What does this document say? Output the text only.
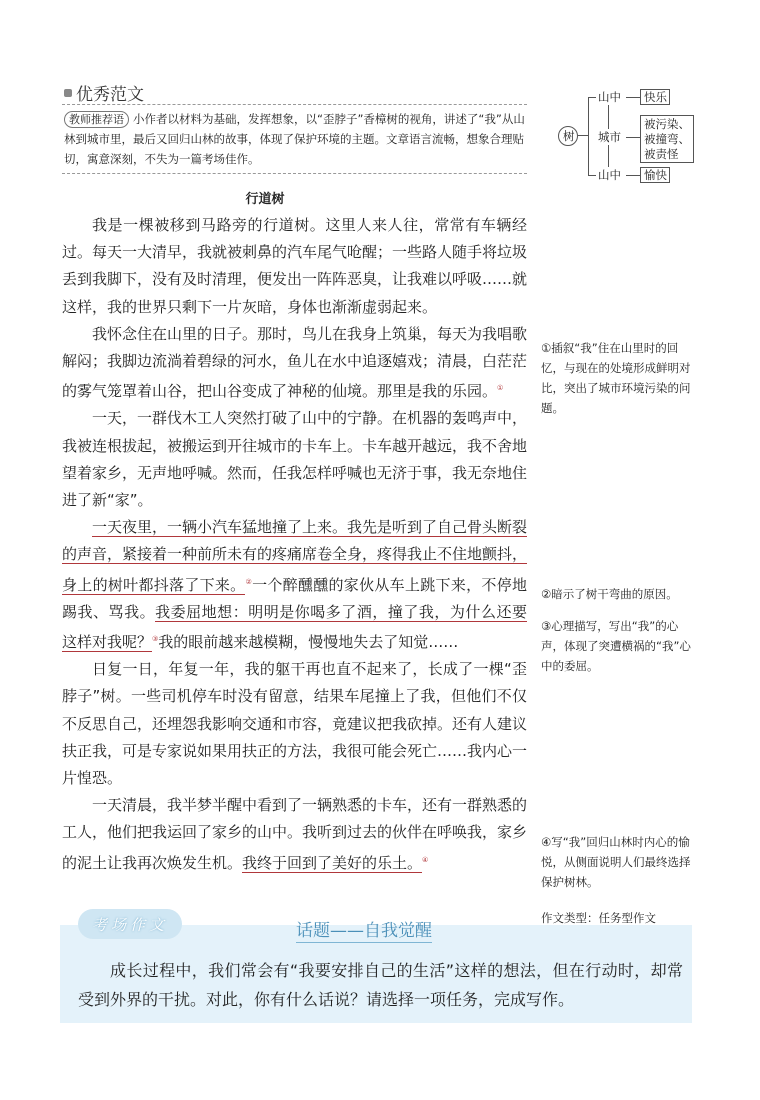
优秀范文

教师推荐语 小作者以材料为基础，发挥想象，以“歪脖子”香樟树的视角，讲述了“我”从山林到城市里，最后又回归山林的故事，体现了保护环境的主题。文章语言流畅，想象合理贴切，寓意深刻，不失为一篇考场佳作。

树
山中
城市
山中
快乐
被污染、
被撞弯、
被责怪
愉快
行道树

我是一棵被移到马路旁的行道树。这里人来人往，常常有车辆经过。每天一大清早，我就被刺鼻的汽车尾气呛醒；一些路人随手将垃圾丢到我脚下，没有及时清理，便发出一阵阵恶臭，让我难以呼吸……就这样，我的世界只剩下一片灰暗，身体也渐渐虚弱起来。

我怀念住在山里的日子。那时，鸟儿在我身上筑巢，每天为我唱歌解闷；我脚边流淌着碧绿的河水，鱼儿在水中追逐嬉戏；清晨，白茫茫的雾气笼罩着山谷，把山谷变成了神秘的仙境。那里是我的乐园。①

一天，一群伐木工人突然打破了山中的宁静。在机器的轰鸣声中，我被连根拔起，被搬运到开往城市的卡车上。卡车越开越远，我不舍地望着家乡，无声地呼喊。然而，任我怎样呼喊也无济于事，我无奈地住进了新“家”。

一天夜里，一辆小汽车猛地撞了上来。我先是听到了自己骨头断裂的声音，紧接着一种前所未有的疼痛席卷全身，疼得我止不住地颤抖，身上的树叶都抖落了下来。②一个醉醺醺的家伙从车上跳下来，不停地踢我、骂我。我委屈地想：明明是你喝多了酒，撞了我，为什么还要这样对我呢？③我的眼前越来越模糊，慢慢地失去了知觉……

日复一日，年复一年，我的躯干再也直不起来了，长成了一棵“歪脖子”树。一些司机停车时没有留意，结果车尾撞上了我，但他们不仅不反思自己，还埋怨我影响交通和市容，竟建议把我砍掉。还有人建议扶正我，可是专家说如果用扶正的方法，我很可能会死亡……我内心一片惶恐。

一天清晨，我半梦半醒中看到了一辆熟悉的卡车，还有一群熟悉的工人，他们把我运回了家乡的山中。我听到过去的伙伴在呼唤我，家乡的泥土让我再次焕发生机。我终于回到了美好的乐土。④

①插叙“我”住在山里时的回忆，与现在的处境形成鲜明对比，突出了城市环境污染的问题。
②暗示了树干弯曲的原因。
③心理描写，写出“我”的心声，体现了突遭横祸的“我”心中的委屈。
④写“我”回归山林时内心的愉悦，从侧面说明人们最终选择保护树林。
作文类型：任务型作文
考场作文	话题——自我觉醒

成长过程中，我们常会有“我要安排自己的生活”这样的想法，但在行动时，却常受到外界的干扰。对此，你有什么话说？请选择一项任务，完成写作。
